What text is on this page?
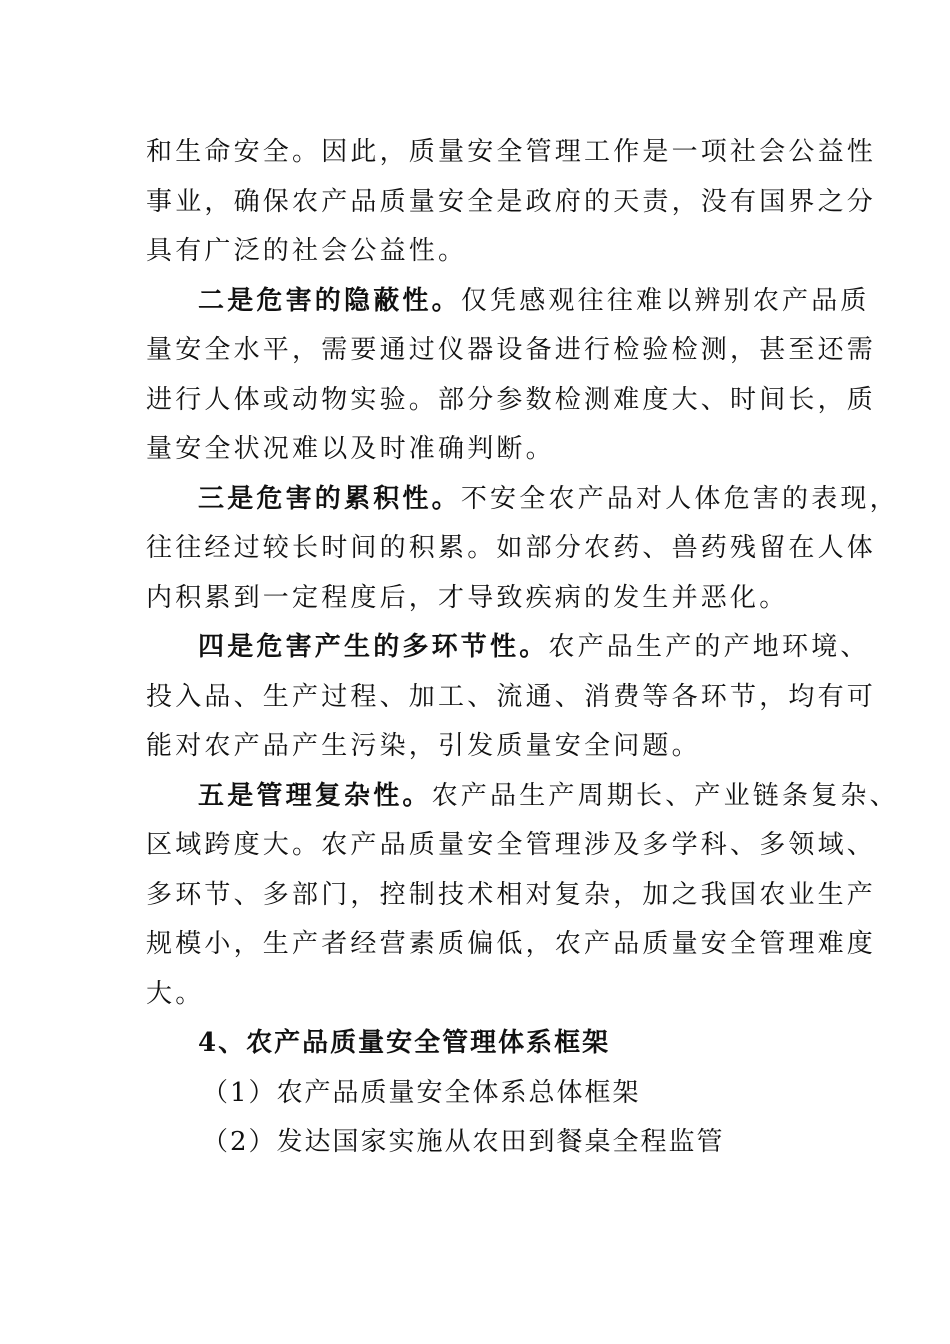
和生命安全。因此，质量安全管理工作是一项社会公益性
事业，确保农产品质量安全是政府的天责，没有国界之分
具有广泛的社会公益性。
二是危害的隐蔽性。仅凭感观往往难以辨别农产品质
量安全水平，需要通过仪器设备进行检验检测，甚至还需
进行人体或动物实验。部分参数检测难度大、时间长，质
量安全状况难以及时准确判断。
三是危害的累积性。不安全农产品对人体危害的表现，
往往经过较长时间的积累。如部分农药、兽药残留在人体
内积累到一定程度后，才导致疾病的发生并恶化。
四是危害产生的多环节性。农产品生产的产地环境、
投入品、生产过程、加工、流通、消费等各环节，均有可
能对农产品产生污染，引发质量安全问题。
五是管理复杂性。农产品生产周期长、产业链条复杂、
区域跨度大。农产品质量安全管理涉及多学科、多领域、
多环节、多部门，控制技术相对复杂，加之我国农业生产
规模小，生产者经营素质偏低，农产品质量安全管理难度
大。
4、农产品质量安全管理体系框架
（1）农产品质量安全体系总体框架
（2）发达国家实施从农田到餐桌全程监管
